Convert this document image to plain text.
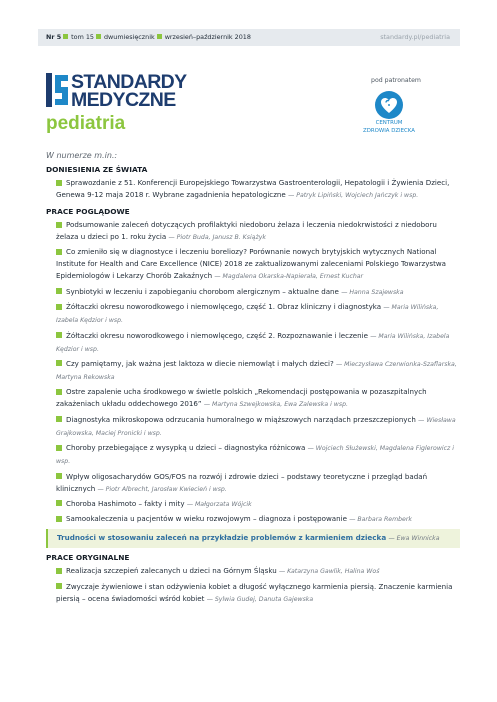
Nr 5 tom 15 dwumiesięcznik wrzesień–październik 2018	standardy.pl/pediatria
STANDARDY
MEDYCZNE
pediatria
pod patronatem
CENTRUM
ZDROWIA DZIECKA
W numerze m.in.:
DONIESIENIA ZE ŚWIATA
Sprawozdanie z 51. Konferencji Europejskiego Towarzystwa Gastroenterologii, Hepatologii i Żywienia Dzieci, Genewa 9-12 maja 2018 r. Wybrane zagadnienia hepatologiczne — Patryk Lipiński, Wojciech Jańczyk i wsp.
PRACE POGLĄDOWE
Podsumowanie zaleceń dotyczących profilaktyki niedoboru żelaza i leczenia niedokrwistości z niedoboru żelaza u dzieci po 1. roku życia — Piotr Buda, Janusz B. Książyk
Co zmieniło się w diagnostyce i leczeniu boreliozy? Porównanie nowych brytyjskich wytycznych National Institute for Health and Care Excellence (NICE) 2018 ze zaktualizowanymi zaleceniami Polskiego Towarzystwa Epidemiologów i Lekarzy Chorób Zakaźnych — Magdalena Okarska-Napierała, Ernest Kuchar
Synbiotyki w leczeniu i zapobieganiu chorobom alergicznym – aktualne dane — Hanna Szajewska
Żółtaczki okresu noworodkowego i niemowlęcego, część 1. Obraz kliniczny i diagnostyka — Maria Wilińska, Izabela Kędzior i wsp.
Żółtaczki okresu noworodkowego i niemowlęcego, część 2. Rozpoznawanie i leczenie — Maria Wilińska, Izabela Kędzior i wsp.
Czy pamiętamy, jak ważna jest laktoza w diecie niemowląt i małych dzieci? — Mieczysława Czerwionka-Szaflarska, Martyna Rekowska
Ostre zapalenie ucha środkowego w świetle polskich „Rekomendacji postępowania w pozaszpitalnych zakażeniach układu oddechowego 2016” — Martyna Szwejkowska, Ewa Zalewska i wsp.
Diagnostyka mikroskopowa odrzucania humoralnego w miąższowych narządach przeszczepionych — Wiesława Grajkowska, Maciej Pronicki i wsp.
Choroby przebiegające z wysypką u dzieci – diagnostyka różnicowa — Wojciech Służewski, Magdalena Figlerowicz i wsp.
Wpływ oligosacharydów GOS/FOS na rozwój i zdrowie dzieci – podstawy teoretyczne i przegląd badań klinicznych — Piotr Albrecht, Jarosław Kwiecień i wsp.
Choroba Hashimoto – fakty i mity — Małgorzata Wójcik
Samookaleczenia u pacjentów w wieku rozwojowym – diagnoza i postępowanie — Barbara Remberk
Trudności w stosowaniu zaleceń na przykładzie problemów z karmieniem dziecka — Ewa Winnicka
PRACE ORYGINALNE
Realizacja szczepień zalecanych u dzieci na Górnym Śląsku — Katarzyna Gawlik, Halina Woś
Zwyczaje żywieniowe i stan odżywienia kobiet a długość wyłącznego karmienia piersią. Znaczenie karmienia piersią – ocena świadomości wśród kobiet — Sylwia Gudej, Danuta Gajewska
